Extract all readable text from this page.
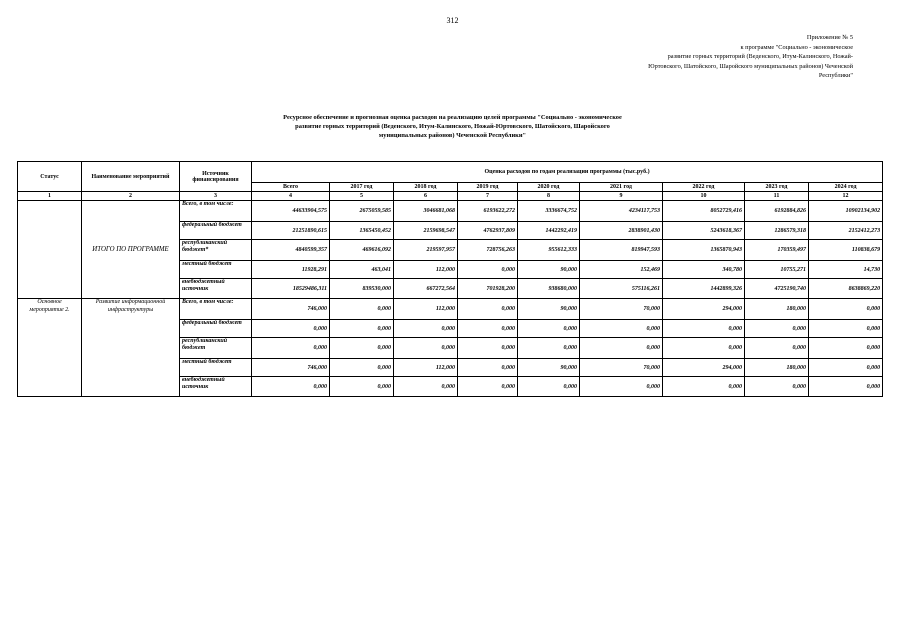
312
Приложение № 5
к программе "Социально - экономическое
развитие горных территорий (Веденского, Итум-Калинского, Ножай-
Юртовского, Шатойского, Шаройского муниципальных районов) Чеченской
Республики"
Ресурсное обеспечение и прогнозная оценка расходов на реализацию целей программы "Социально - экономическое
развитие горных территорий (Веденского, Итум-Калинского, Ножай-Юртовского, Шатойского, Шаройского
муниципальных районов) Чеченской Республики"
Статус	Наименование мероприятий	Источник финансирования	Оценка расходов по годам реализации программы (тыс.руб.)								
			Всего	2017 год	2018 год	2019 год	2020 год	2021 год	2022 год	2023 год	2024 год
1	2	3	4	5	6	7	8	9	10	11	12
	ИТОГО ПО ПРОГРАММЕ	Всего, в том числе:	44633904,575	2675059,585	3046681,068	6193622,272	3336674,752	4234117,753	8052729,416	6192884,826	10902134,902
		федеральный бюджет	21251890,615	1365450,452	2159698,547	4762937,809	1442292,419	2838901,430	5243618,367	1286579,318	2152412,273
		республиканский бюджет*	4840599,357	469616,092	219597,957	728756,263	955612,333	819947,593	1365870,943	170359,497	110838,679
		местный бюджет	11928,291	463,041	112,000	0,000	90,000	152,469	340,780	10755,271	14,730
		внебюджетный источник	18529486,311	839530,000	667272,564	701928,200	938680,000	575116,261	1442899,326	4725190,740	8638869,220
Основное мероприятие 2.	Развитие информационной инфраструктуры	Всего, в том числе:	746,000	0,000	112,000	0,000	90,000	70,000	294,000	180,000	0,000
		федеральный бюджет	0,000	0,000	0,000	0,000	0,000	0,000	0,000	0,000	0,000
		республиканский бюджет	0,000	0,000	0,000	0,000	0,000	0,000	0,000	0,000	0,000
		местный бюджет	746,000	0,000	112,000	0,000	90,000	70,000	294,000	180,000	0,000
		внебюджетный источник	0,000	0,000	0,000	0,000	0,000	0,000	0,000	0,000	0,000
